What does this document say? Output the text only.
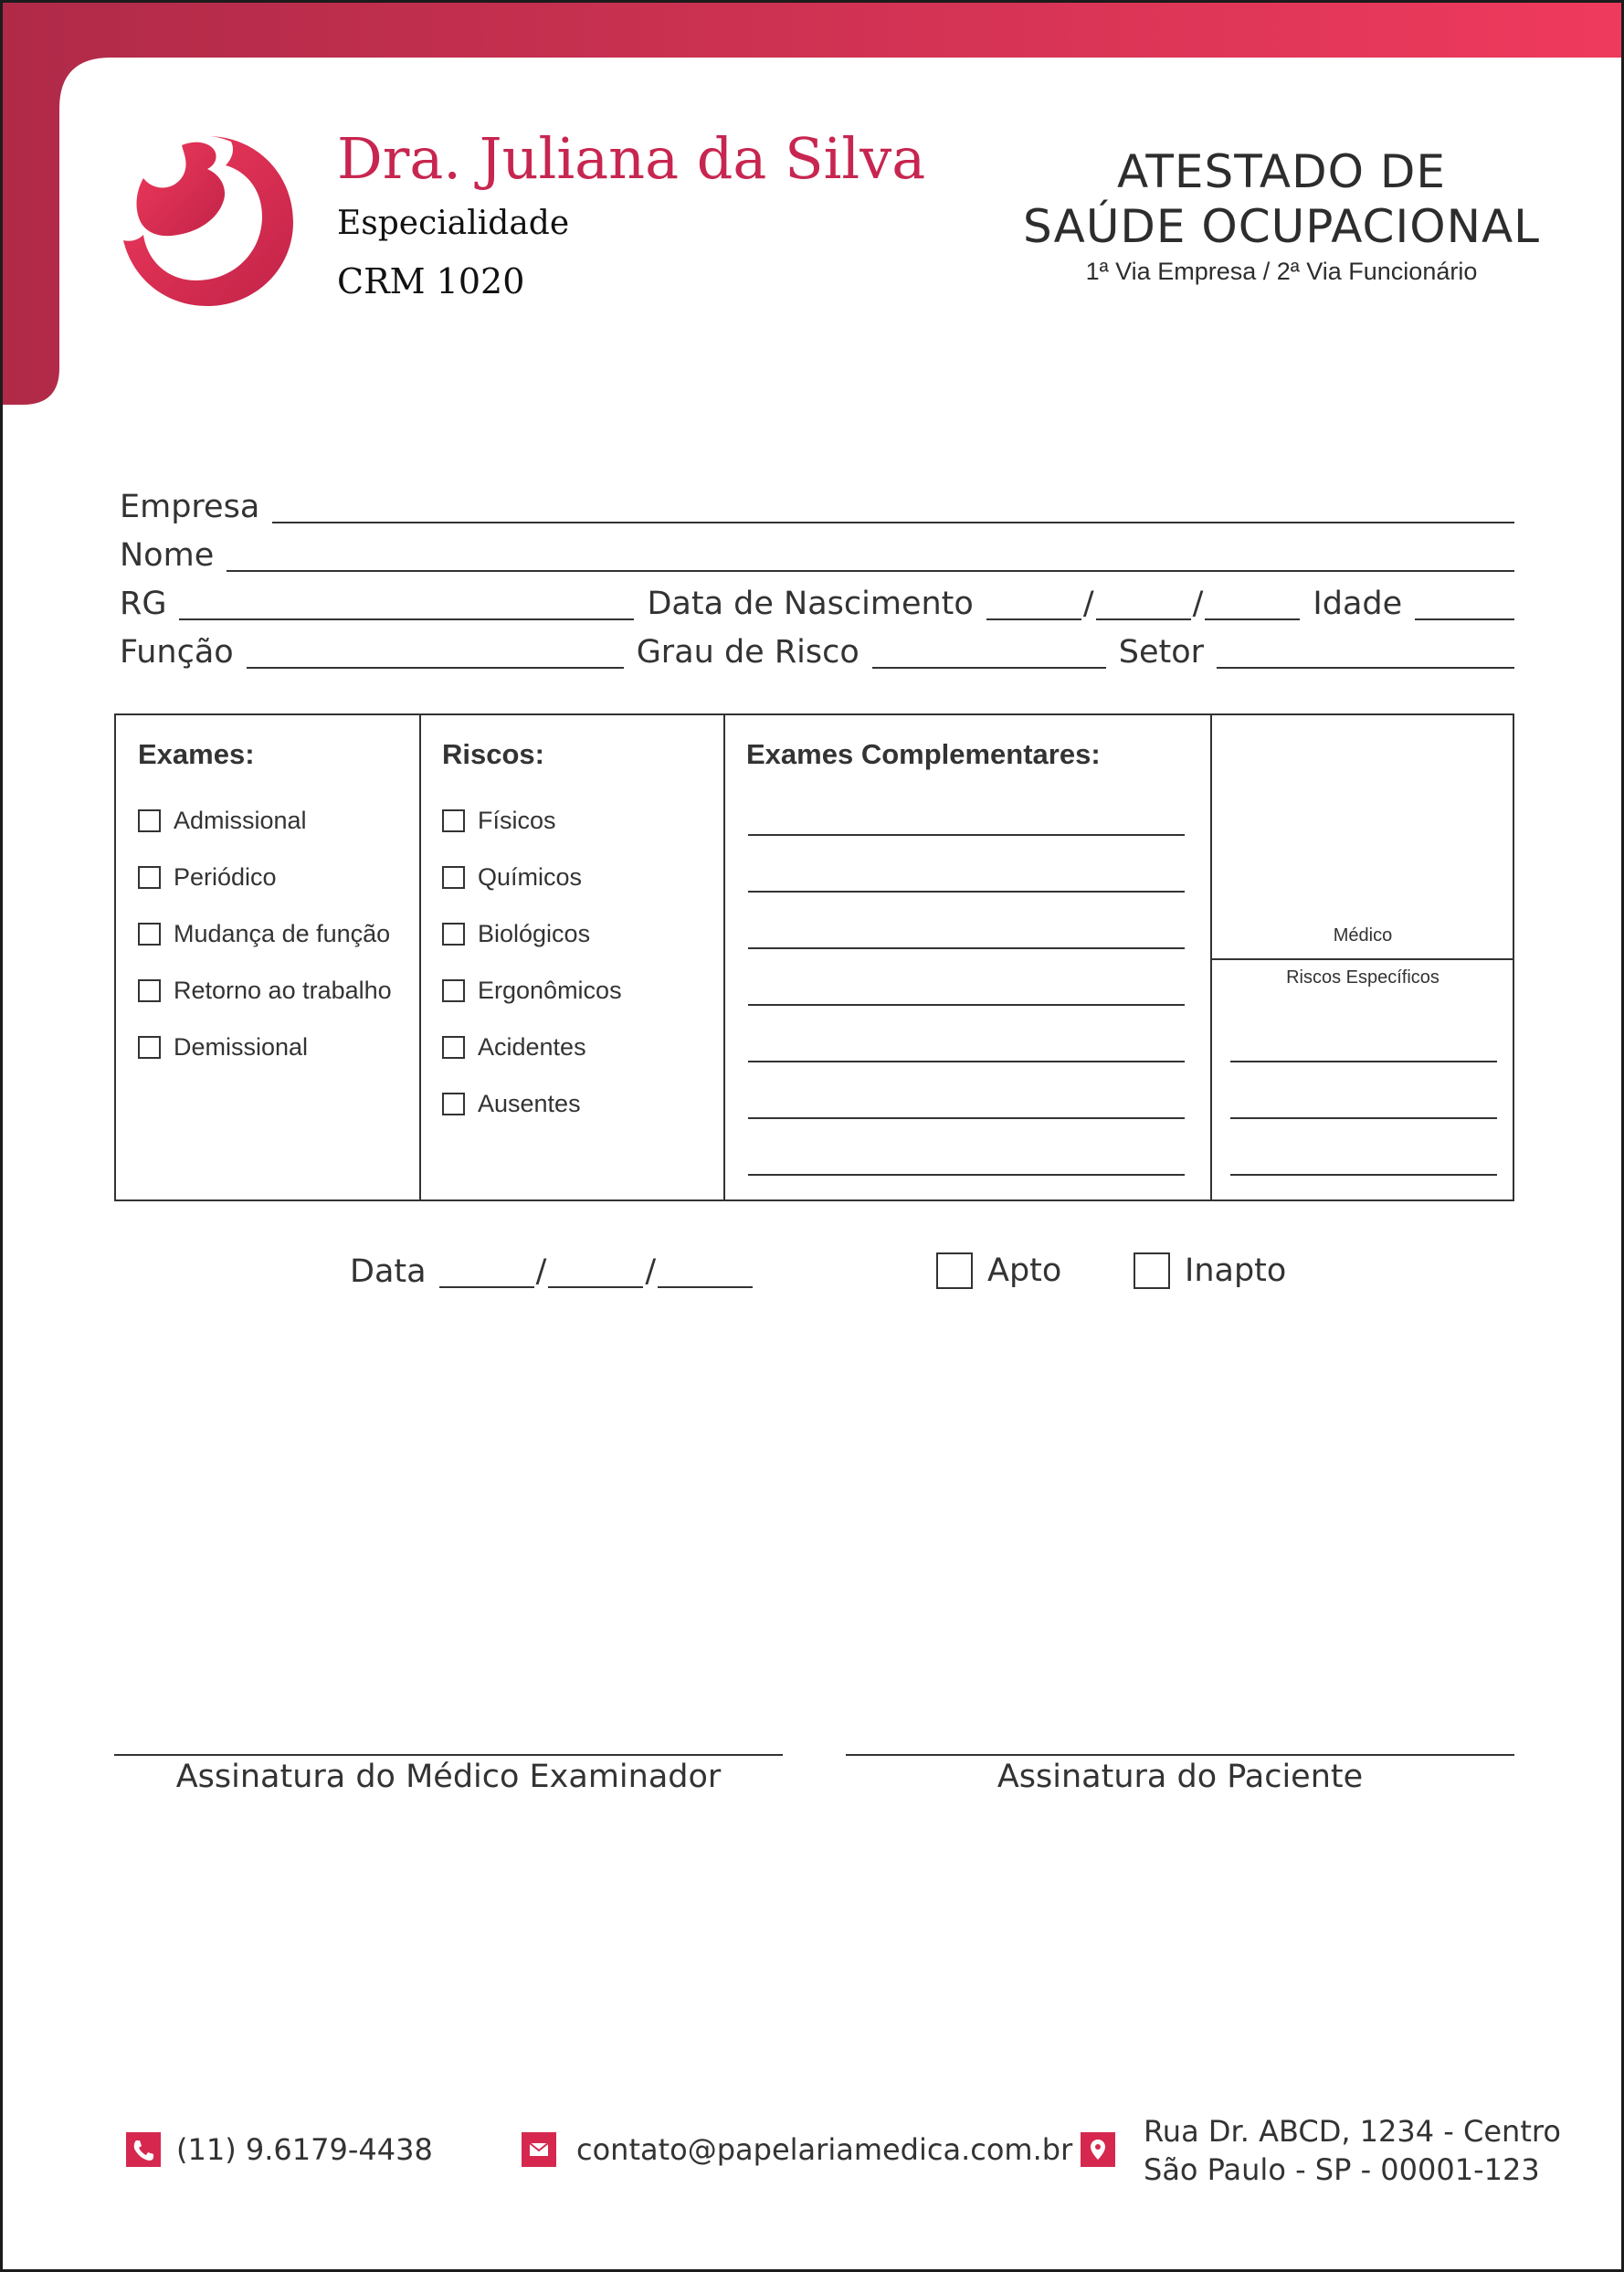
Dra. Juliana da Silva
Especialidade
CRM 1020
ATESTADO DE
SAÚDE OCUPACIONAL
1ª Via Empresa / 2ª Via Funcionário
Empresa
Nome
RG	Data de Nascimento	/	/	Idade
Função	Grau de Risco	Setor
Exames:
Admissional
Periódico
Mudança de função
Retorno ao trabalho
Demissional
Riscos:
Físicos
Químicos
Biológicos
Ergonômicos
Acidentes
Ausentes
Exames Complementares:
Médico
Riscos Específicos
Data	/	/	Apto	Inapto
Assinatura do Médico Examinador	Assinatura do Paciente
(11) 9.6179-4438	contato@papelariamedica.com.br
Rua Dr. ABCD, 1234 - Centro
São Paulo - SP - 00001-123
